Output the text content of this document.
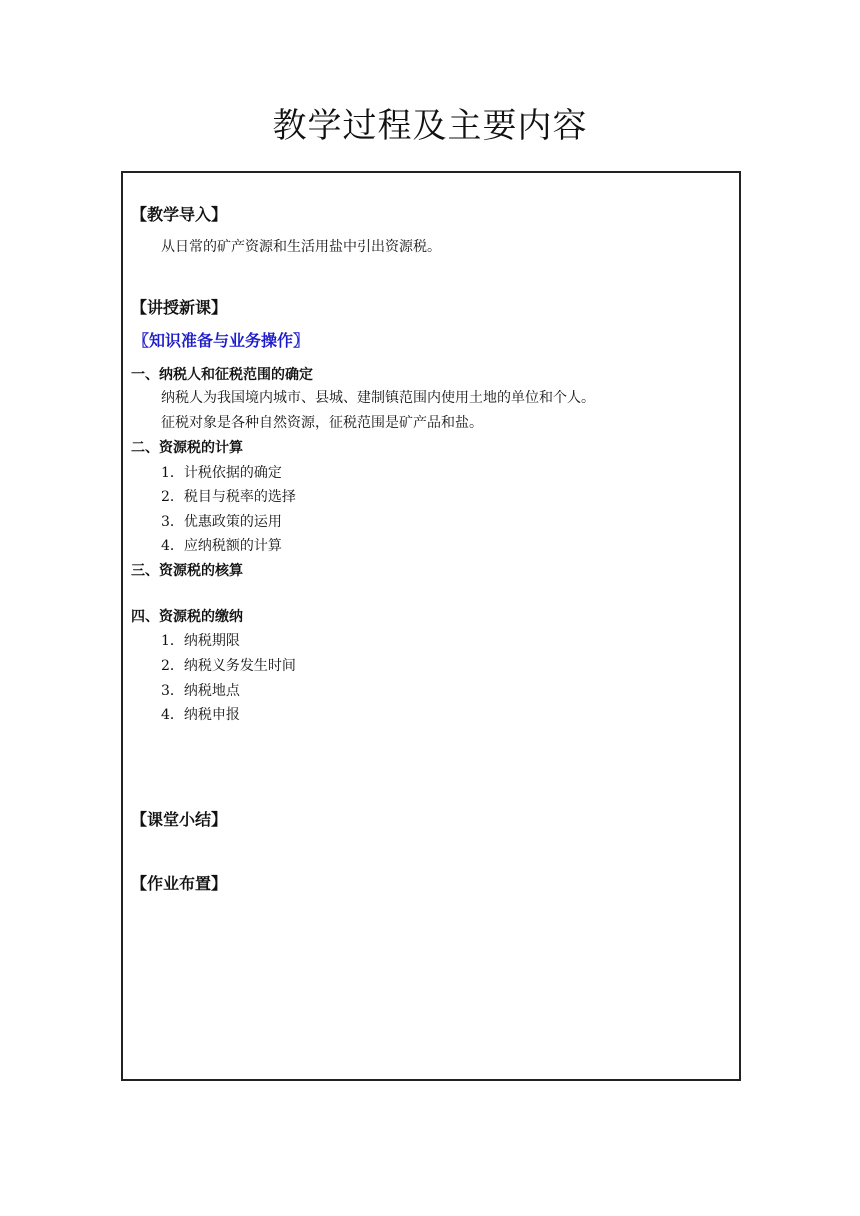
教学过程及主要内容
【教学导入】
从日常的矿产资源和生活用盐中引出资源税。
【讲授新课】
〖知识准备与业务操作〗
一、纳税人和征税范围的确定
纳税人为我国境内城市、县城、建制镇范围内使用土地的单位和个人。
征税对象是各种自然资源，征税范围是矿产品和盐。
二、资源税的计算
1．计税依据的确定
2．税目与税率的选择
3．优惠政策的运用
4．应纳税额的计算
三、资源税的核算
四、资源税的缴纳
1．纳税期限
2．纳税义务发生时间
3．纳税地点
4．纳税申报
【课堂小结】
【作业布置】
